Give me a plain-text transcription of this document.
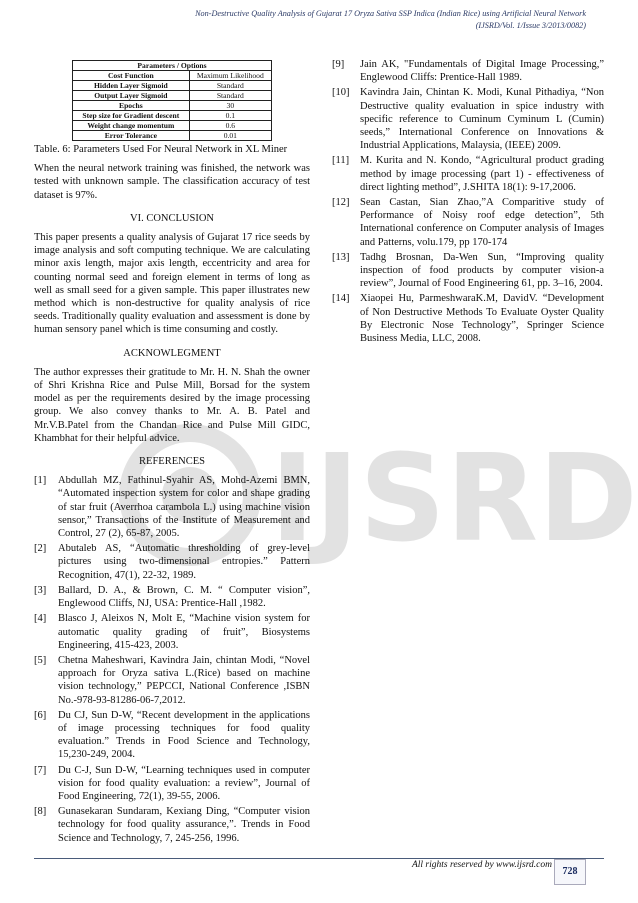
Non-Destructive Quality Analysis of Gujarat 17 Oryza Sativa SSP Indica (Indian Rice) using Artificial Neural Network
(IJSRD/Vol. 1/Issue 3/2013/0082)
IJSRD
Parameters / Options	
Cost Function	Maximum Likelihood
Hidden Layer Sigmoid	Standard
Output Layer Sigmoid	Standard
Epochs	30
Step size for Gradient descent	0.1
Weight change momentum	0.6
Error Tolerance	0.01
Table. 6: Parameters Used For Neural Network in XL Miner

When the neural network training was finished, the network was tested with unknown sample. The classification accuracy of test dataset is 97%.

VI. CONCLUSION

This paper presents a quality analysis of Gujarat 17 rice seeds by image analysis and soft computing technique. We are calculating minor axis length, major axis length, eccentricity and area for counting normal seed and foreign element in terms of long as well as small seed for a given sample. This paper illustrates new method which is non-destructive for quality analysis of rice seeds. Traditionally quality evaluation and assessment is done by human sensory panel which is time consuming and costly.

ACKNOWLEGMENT

The author expresses their gratitude to Mr. H. N. Shah the owner of Shri Krishna Rice and Pulse Mill, Borsad for the system model as per the requirements desired by the image processing group. We also convey thanks to Mr. A. B. Patel and Mr.V.B.Patel from the Chandan Rice and Pulse Mill GIDC, Khambhat for their helpful advice.

REFERENCES
[1]	Abdullah MZ, Fathinul-Syahir AS, Mohd-Azemi BMN, “Automated inspection system for color and shape grading of star fruit (Averrhoa carambola L.) using machine vision sensor,” Transactions of the Institute of Measurement and Control, 27 (2), 65-87, 2005.
[2]	Abutaleb AS, “Automatic thresholding of grey-level pictures using two-dimensional entropies.” Pattern Recognition, 47(1), 22-32, 1989.
[3]	Ballard, D. A., & Brown, C. M. “ Computer vision”, Englewood Cliffs, NJ, USA: Prentice-Hall ,1982.
[4]	Blasco J, Aleixos N, Molt E, “Machine vision system for automatic quality grading of fruit”, Biosystems Engineering, 415-423, 2003.
[5]	Chetna Maheshwari, Kavindra Jain, chintan Modi, “Novel approach for Oryza sativa L.(Rice) based on machine vision technology,” PEPCCI, National Conference ,ISBN No.-978-93-81286-06-7,2012.
[6]	Du CJ, Sun D-W, “Recent development in the applications of image processing techniques for food quality evaluation.” Trends in Food Science and Technology, 15,230-249, 2004.
[7]	Du C-J, Sun D-W, “Learning techniques used in computer vision for food quality evaluation: a review”, Journal of Food Engineering, 72(1), 39-55, 2006.
[8]	Gunasekaran Sundaram, Kexiang Ding, “Computer vision technology for food quality assurance,”. Trends in Food Science and Technology, 7, 245-256, 1996.
[9]	Jain AK, "Fundamentals of Digital Image Processing,” Englewood Cliffs: Prentice-Hall 1989.
[10]	Kavindra Jain, Chintan K. Modi, Kunal Pithadiya, “Non Destructive quality evaluation in spice industry with specific reference to Cuminum Cyminum L (Cumin) seeds,” International Conference on Innovations & Industrial Applications, Malaysia, (IEEE) 2009.
[11]	M. Kurita and N. Kondo, “Agricultural product grading method by image processing (part 1) - effectiveness of direct lighting method”, J.SHITA 18(1): 9-17,2006.
[12]	Sean Castan, Sian Zhao,”A Comparitive study of Performance of Noisy roof edge detection”, 5th International conference on Computer analysis of Images and Patterns, volu.179, pp 170-174
[13]	Tadhg Brosnan, Da-Wen Sun, “Improving quality inspection of food products by computer vision-a review”, Journal of Food Engineering 61, pp. 3–16, 2004.
[14]	Xiaopei Hu, ParmeshwaraK.M, DavidV. “Development of Non Destructive Methods To Evaluate Oyster Quality By Electronic Nose Technology”, Springer Science Business Media, LLC, 2008.
All rights reserved by www.ijsrd.com
728
